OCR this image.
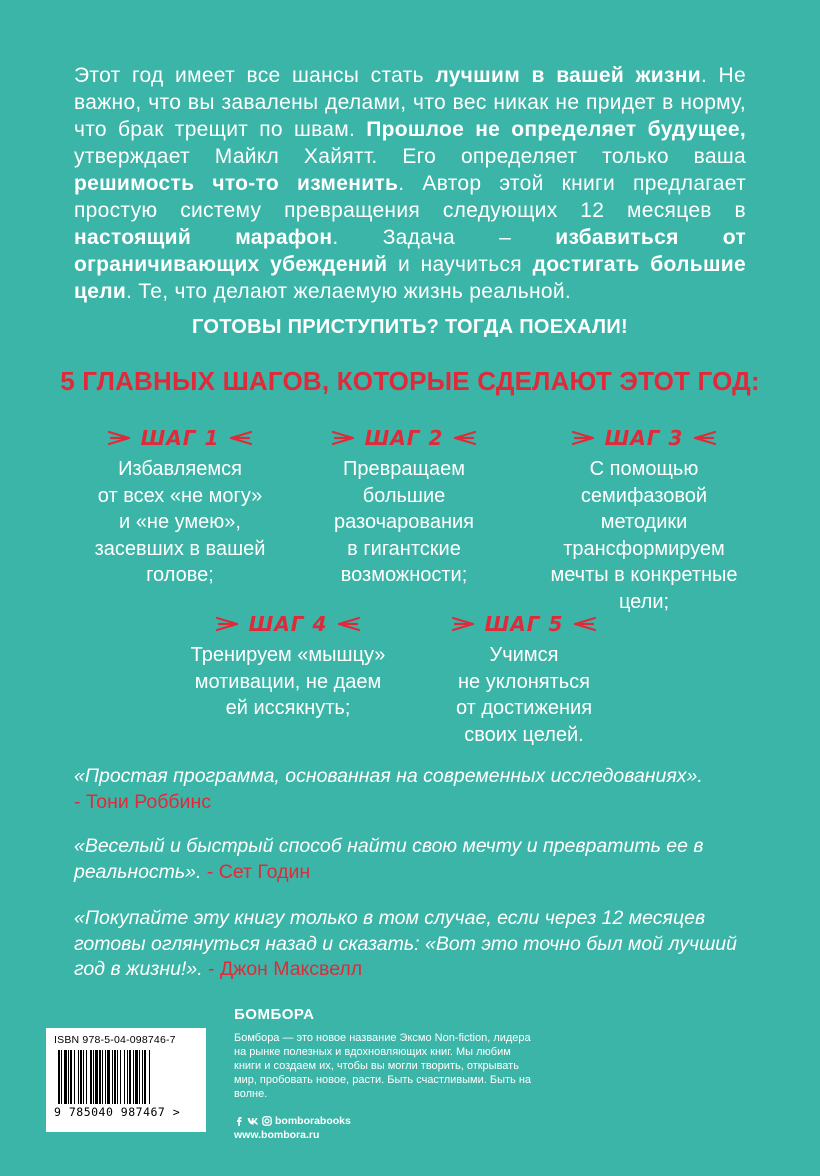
Этот год имеет все шансы стать лучшим в вашей жизни. Не важно, что вы завалены делами, что вес никак не придет в норму, что брак трещит по швам. Прошлое не определяет будущее, утверждает Майкл Хайятт. Его определяет только ваша решимость что-то изменить. Автор этой книги предлагает простую систему превращения следующих 12 месяцев в настоящий марафон. Задача – избавиться от ограничивающих убеждений и научиться достигать большие цели. Те, что делают желаемую жизнь реальной.
ГОТОВЫ ПРИСТУПИТЬ? ТОГДА ПОЕХАЛИ!
5 ГЛАВНЫХ ШАГОВ, КОТОРЫЕ СДЕЛАЮТ ЭТОТ ГОД:
ШАГ 1
Избавляемся
от всех «не могу»
и «не умею»,
засевших в вашей
голове;
ШАГ 2
Превращаем
большие
разочарования
в гигантские
возможности;
ШАГ 3
С помощью
семифазовой
методики
трансформируем
мечты в конкретные
цели;
ШАГ 4
Тренируем «мышцу»
мотивации, не даем
ей иссякнуть;
ШАГ 5
Учимся
не уклоняться
от достижения
своих целей.
«Простая программа, основанная на современных исследованиях».
- Тони Роббинс
«Веселый и быстрый способ найти свою мечту и превратить ее в реальность». - Сет Годин
«Покупайте эту книгу только в том случае, если через 12 месяцев готовы оглянуться назад и сказать: «Вот это точно был мой лучший год в жизни!». - Джон Максвелл
ISBN 978-5-04-098746-7
9 785040 987467 >
БОМБОРА
Бомбора — это новое название Эксмо Non-fiction, лидера на рынке полезных и вдохновляющих книг. Мы любим книги и создаем их, чтобы вы могли творить, открывать мир, пробовать новое, расти. Быть счастливыми. Быть на волне.
bomborabooks
www.bombora.ru
